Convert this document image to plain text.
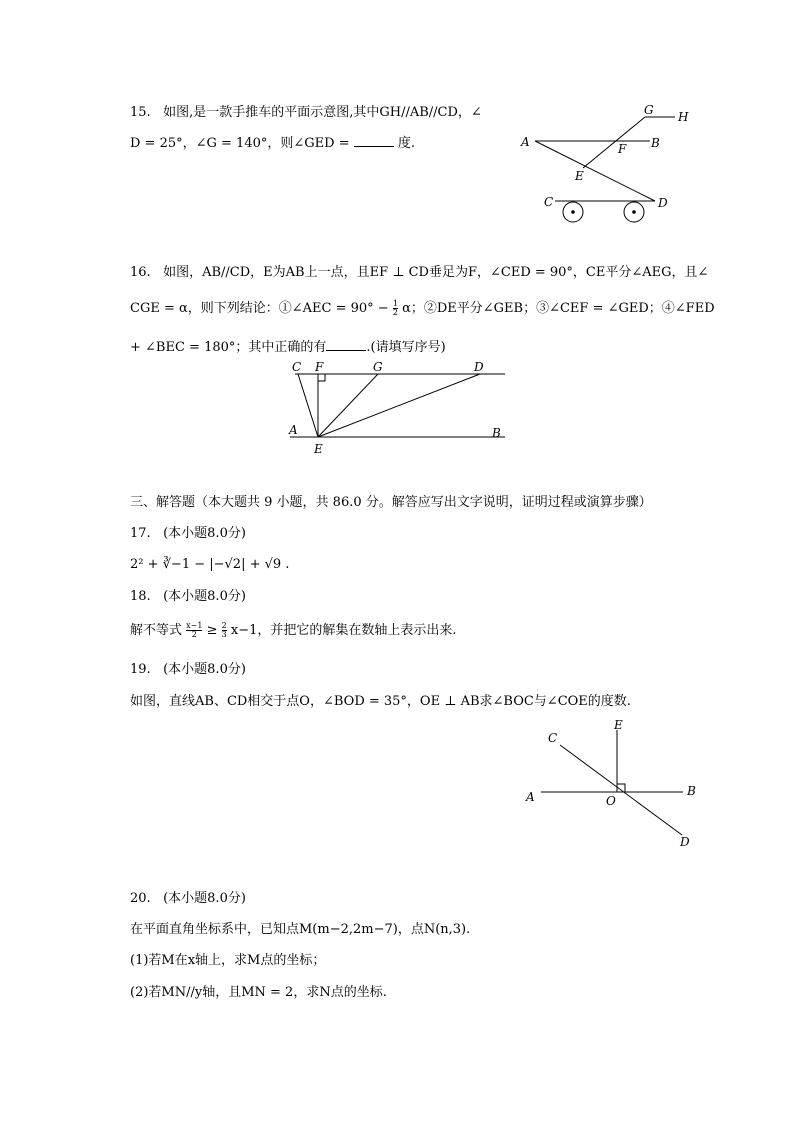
15. 如图,是一款手推车的平面示意图,其中GH//AB//CD，∠
D = 25°，∠G = 140°，则∠GED =	度.
G H
A	B
F
E
C	D
16. 如图，AB//CD，E为AB上一点，且EF ⊥ CD垂足为F，∠CED = 90°，CE平分∠AEG，且∠
CGE = α，则下列结论：①∠AEC = $90^\circ - \frac{1}{2}$ α；②DE平分∠GEB；③∠CEF = ∠GED；④∠FED
+ ∠BEC = 180°；其中正确的有	.(请填写序号)
C F	G	D
A
E
B
三、解答题（本大题共 9 小题，共 86.0 分。解答应写出文字说明，证明过程或演算步骤）
17. (本小题8.0分)
2² + ∛−1 − |−√2| + √9 .
18. (本小题8.0分)
解不等式 $\frac{x-1}{2} \ge \frac{2}{3} x-1$，并把它的解集在数轴上表示出来.
19. (本小题8.0分)
如图，直线AB、CD相交于点O，∠BOD = 35°，OE ⊥ AB求∠BOC与∠COE的度数.
E
C
A	O
B
D
20. (本小题8.0分)
在平面直角坐标系中，已知点M(m−2,2m−7)，点N(n,3).
(1)若M在x轴上，求M点的坐标；
(2)若MN//y轴，且MN = 2，求N点的坐标.
